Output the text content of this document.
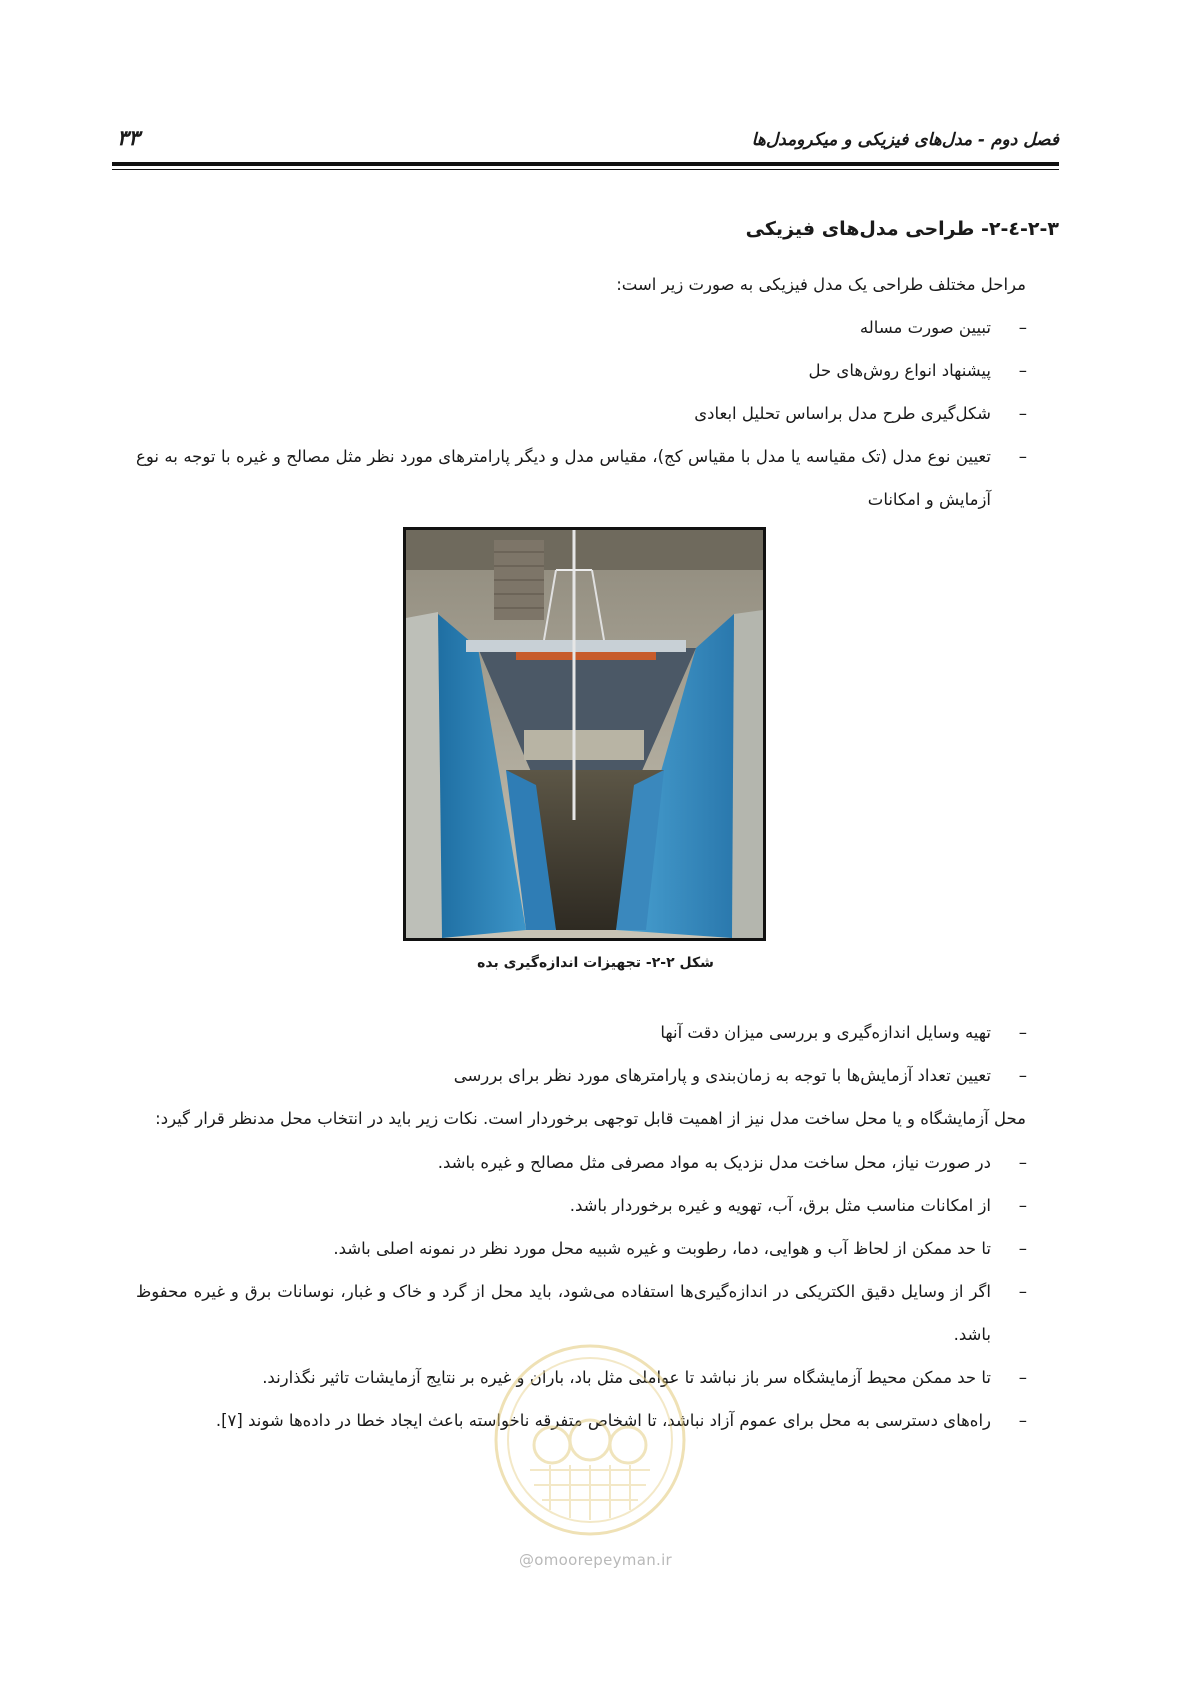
۳۳	فصل دوم - مدل‌های فیزیکی و میکرومدل‌ها
۲-۳-٤-۲- طراحی مدل‌های فیزیکی
مراحل مختلف طراحی یک مدل فیزیکی به صورت زیر است:
–
تبیین صورت مساله
–
پیشنهاد انواع روش‌های حل
–
شکل‌گیری طرح مدل براساس تحلیل ابعادی
–
تعیین نوع مدل (تک مقیاسه یا مدل با مقیاس کج)، مقیاس مدل و دیگر پارامترهای مورد نظر مثل مصالح و غیره با توجه به نوع آزمایش و امکانات
شکل ۲-۲- تجهیزات اندازه‌گیری بده
–
تهیه وسایل اندازه‌گیری و بررسی میزان دقت آنها
–
تعیین تعداد آزمایش‌ها با توجه به زمان‌بندی و پارامترهای مورد نظر برای بررسی
محل آزمایشگاه و یا محل ساخت مدل نیز از اهمیت قابل توجهی برخوردار است. نکات زیر باید در انتخاب محل مدنظر قرار گیرد:
–
در صورت نیاز، محل ساخت مدل نزدیک به مواد مصرفی مثل مصالح و غیره باشد.
–
از امکانات مناسب مثل برق، آب، تهویه و غیره برخوردار باشد.
–
تا حد ممکن از لحاظ آب و هوایی، دما، رطوبت و غیره شبیه محل مورد نظر در نمونه اصلی باشد.
–
اگر از وسایل دقیق الکتریکی در اندازه‌گیری‌ها استفاده می‌شود، باید محل از گرد و خاک و غبار، نوسانات برق و غیره محفوظ باشد.
–
تا حد ممکن محیط آزمایشگاه سر باز نباشد تا عواملی مثل باد، باران و غیره بر نتایج آزمایشات تاثیر نگذارند.
–
راه‌های دسترسی به محل برای عموم آزاد نباشد، تا اشخاص متفرقه ناخواسته باعث ایجاد خطا در داده‌ها شوند [۷].
@omoorepeyman.ir
